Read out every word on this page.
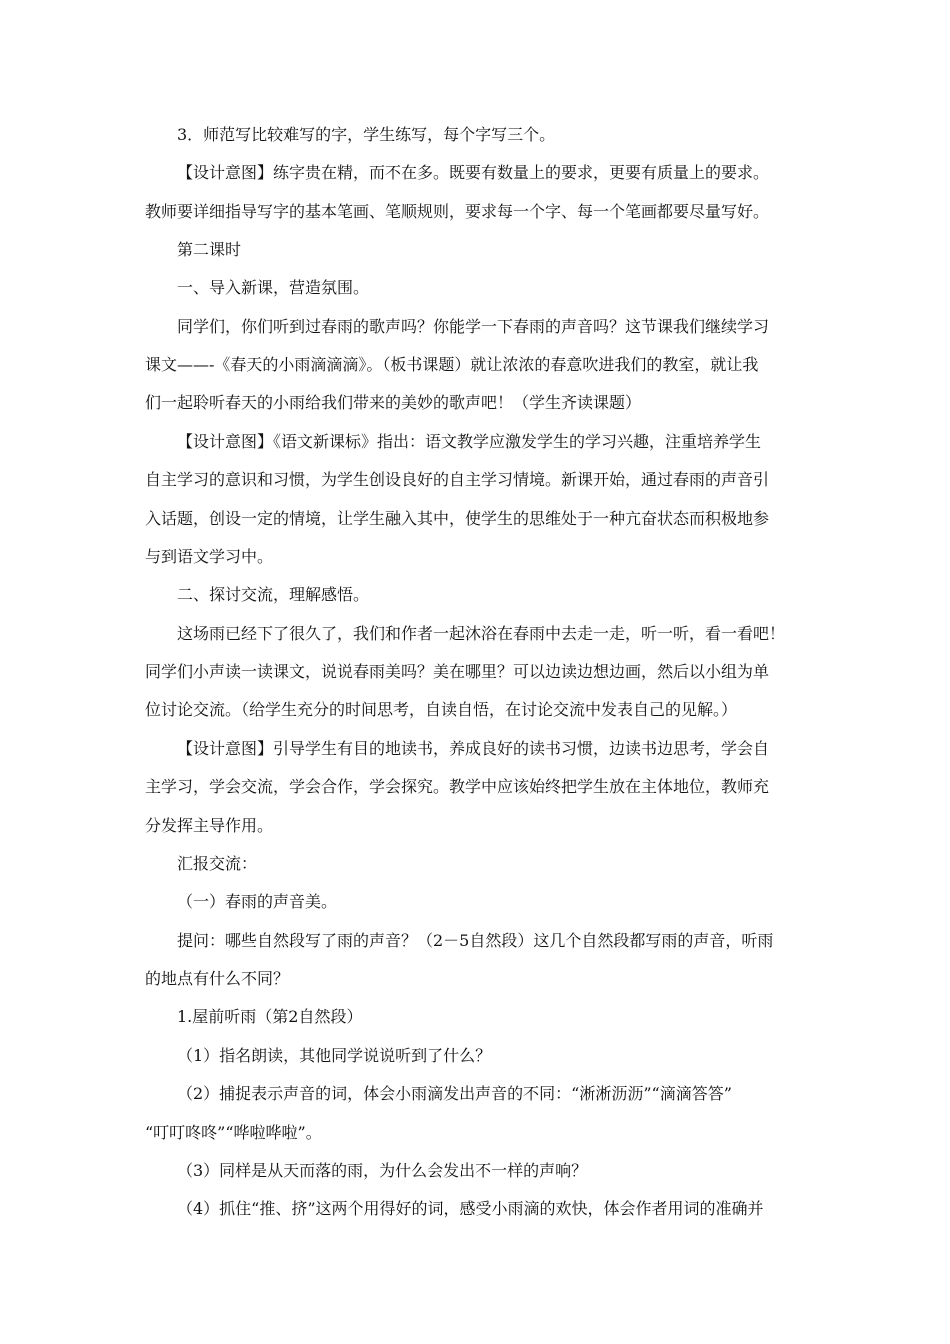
3．师范写比较难写的字，学生练写，每个字写三个。

【设计意图】练字贵在精，而不在多。既要有数量上的要求，更要有质量上的要求。

教师要详细指导写字的基本笔画、笔顺规则，要求每一个字、每一个笔画都要尽量写好。

第二课时

一、导入新课，营造氛围。

同学们，你们听到过春雨的歌声吗？你能学一下春雨的声音吗？这节课我们继续学习

课文——-《春天的小雨滴滴滴》。（板书课题）就让浓浓的春意吹进我们的教室，就让我

们一起聆听春天的小雨给我们带来的美妙的歌声吧！（学生齐读课题）

【设计意图】《语文新课标》指出：语文教学应激发学生的学习兴趣，注重培养学生

自主学习的意识和习惯，为学生创设良好的自主学习情境。新课开始，通过春雨的声音引

入话题，创设一定的情境，让学生融入其中，使学生的思维处于一种亢奋状态而积极地参

与到语文学习中。

二、探讨交流，理解感悟。

这场雨已经下了很久了，我们和作者一起沐浴在春雨中去走一走，听一听，看一看吧！

同学们小声读一读课文，说说春雨美吗？美在哪里？可以边读边想边画，然后以小组为单

位讨论交流。（给学生充分的时间思考，自读自悟，在讨论交流中发表自己的见解。）

【设计意图】引导学生有目的地读书，养成良好的读书习惯，边读书边思考，学会自

主学习，学会交流，学会合作，学会探究。教学中应该始终把学生放在主体地位，教师充

分发挥主导作用。

汇报交流：

（一）春雨的声音美。

提问：哪些自然段写了雨的声音？（2－5自然段）这几个自然段都写雨的声音，听雨

的地点有什么不同？

1.屋前听雨（第2自然段）

（1）指名朗读，其他同学说说听到了什么？

（2）捕捉表示声音的词，体会小雨滴发出声音的不同：“淅淅沥沥”“滴滴答答”

“叮叮咚咚”“哗啦哗啦”。

（3）同样是从天而落的雨，为什么会发出不一样的声响？

（4）抓住“推、挤”这两个用得好的词，感受小雨滴的欢快，体会作者用词的准确并
